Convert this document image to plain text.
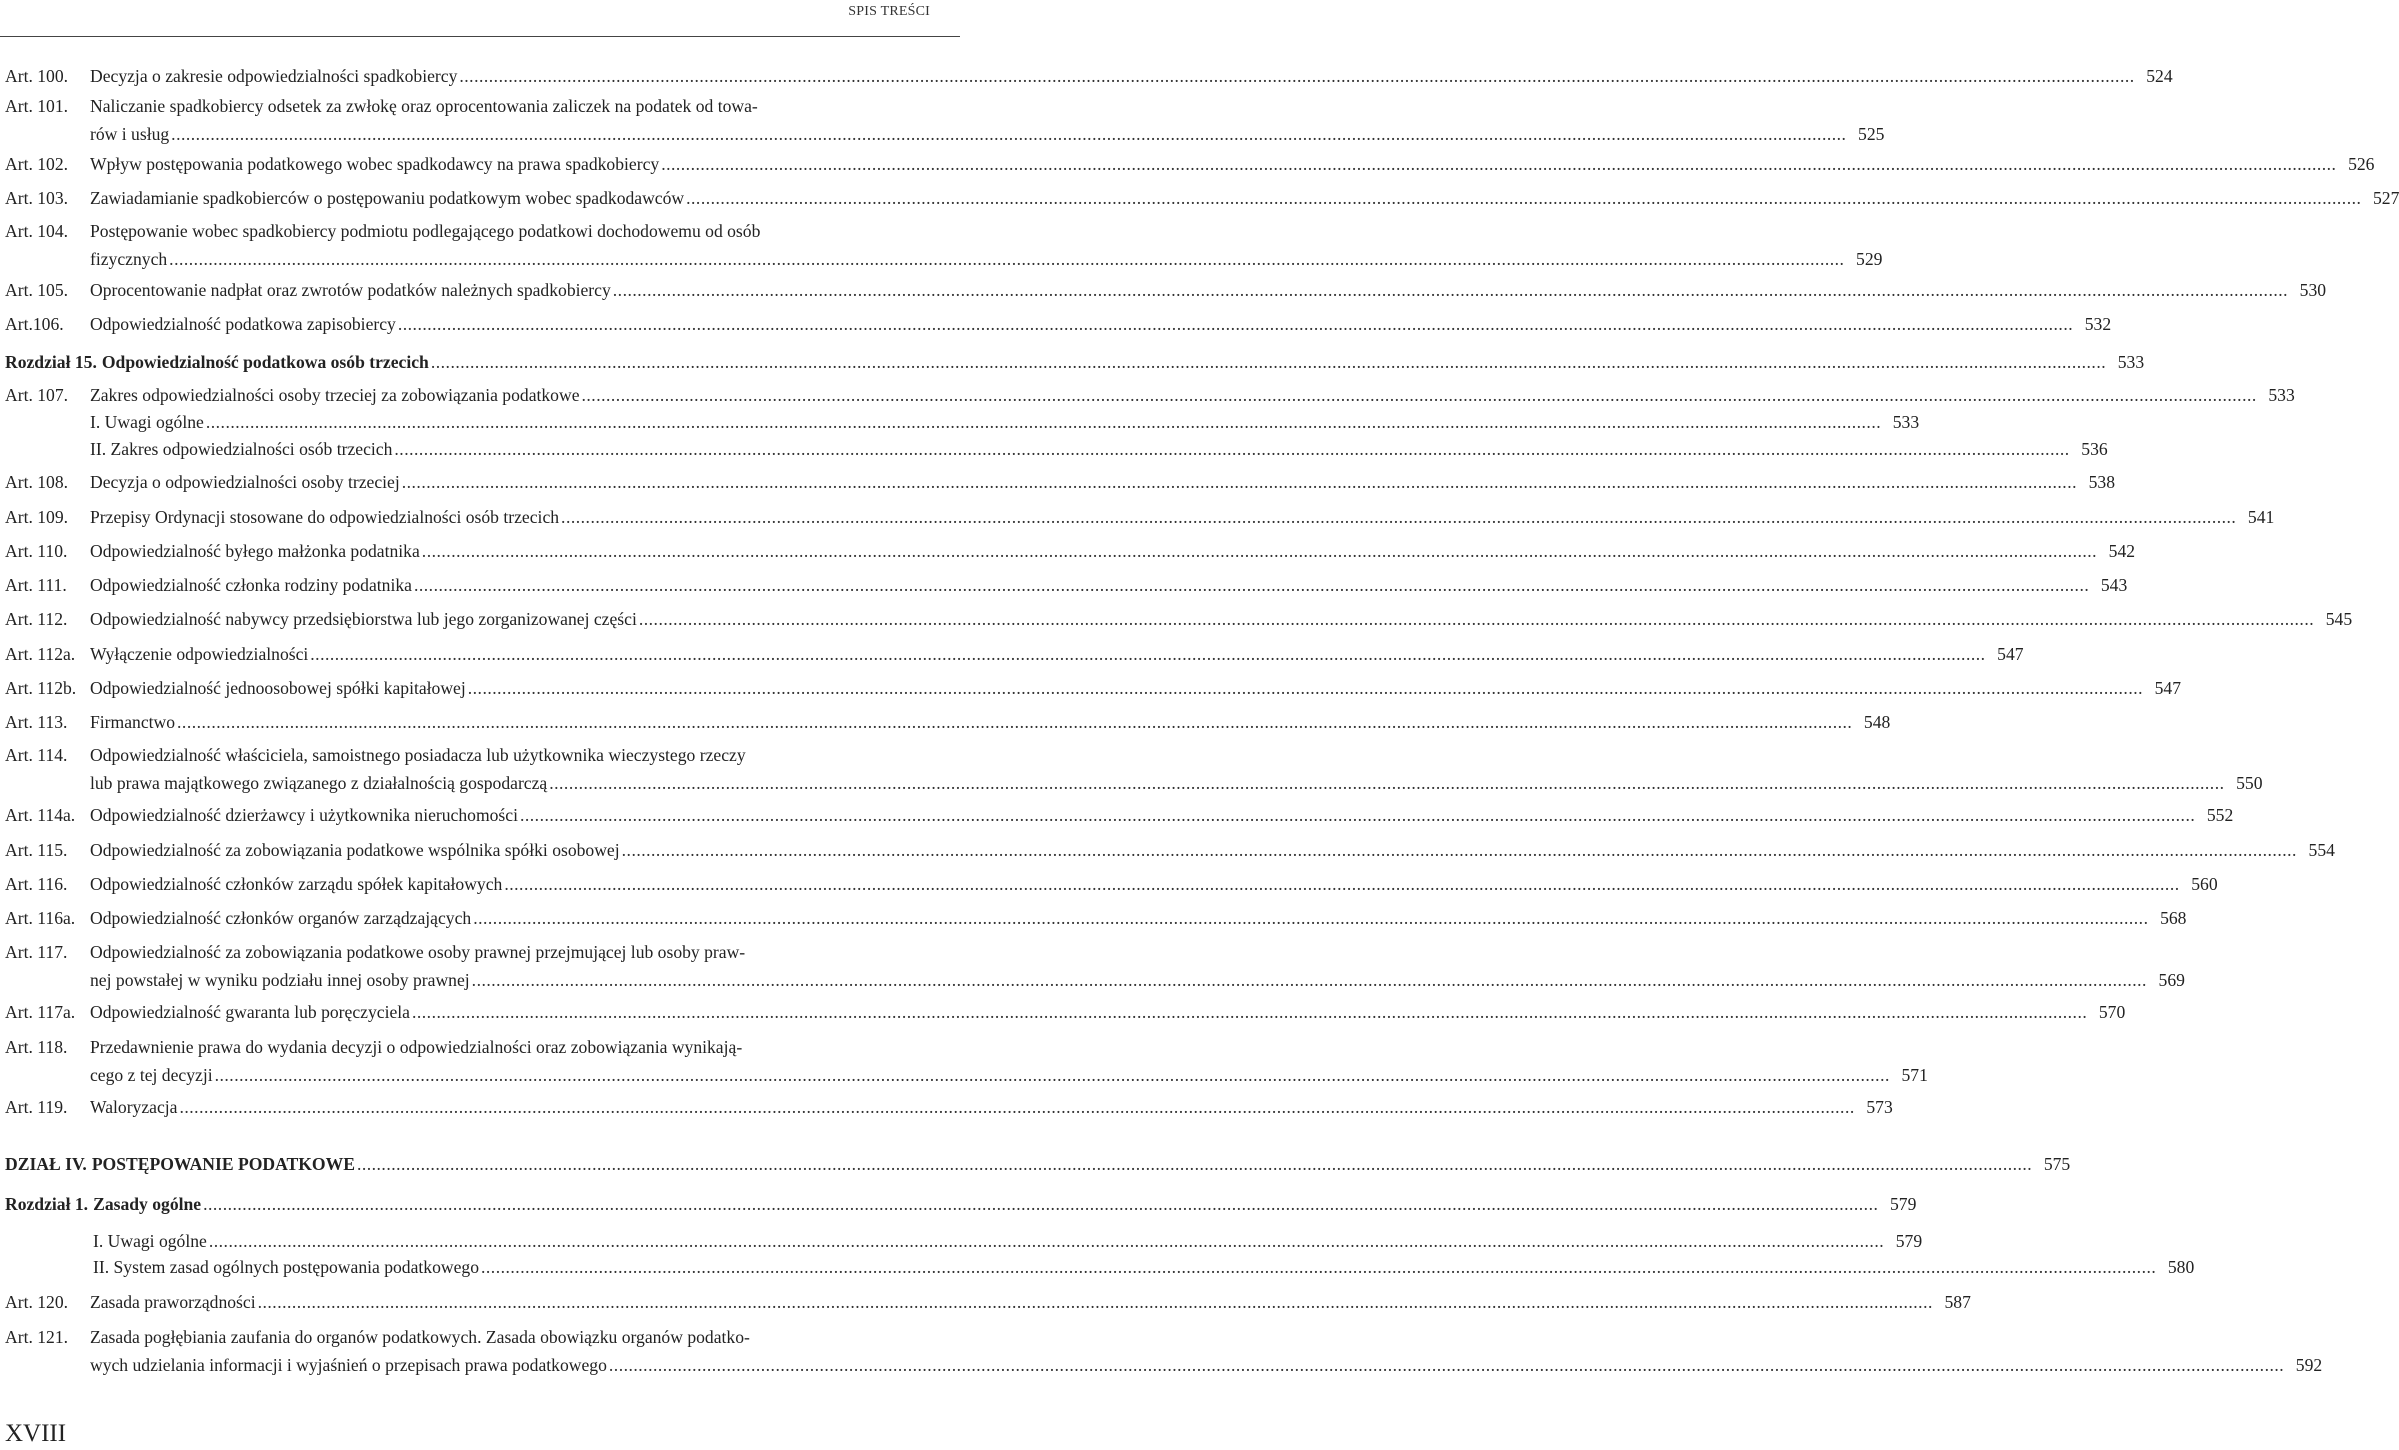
SPIS TREŚCI
Art. 100.	Decyzja o zakresie odpowiedzialności spadkobiercy .....	524
Art. 101.	Naliczanie spadkobiercy odsetek za zwłokę oraz oprocentowania zaliczek na podatek od towa-
rów i usług .....	525
Art. 102.	Wpływ postępowania podatkowego wobec spadkodawcy na prawa spadkobiercy .....	526
Art. 103.	Zawiadamianie spadkobierców o postępowaniu podatkowym wobec spadkodawców .....	527
Art. 104.	Postępowanie wobec spadkobiercy podmiotu podlegającego podatkowi dochodowemu od osób
fizycznych .....	529
Art. 105.	Oprocentowanie nadpłat oraz zwrotów podatków należnych spadkobiercy .....	530
Art.106.	Odpowiedzialność podatkowa zapisobiercy .....	532
Rozdział 15. Odpowiedzialność podatkowa osób trzecich .....	533
Art. 107.	Zakres odpowiedzialności osoby trzeciej za zobowiązania podatkowe .....	533
I. Uwagi ogólne .....	533
II. Zakres odpowiedzialności osób trzecich .....	536
Art. 108.	Decyzja o odpowiedzialności osoby trzeciej .....	538
Art. 109.	Przepisy Ordynacji stosowane do odpowiedzialności osób trzecich .....	541
Art. 110.	Odpowiedzialność byłego małżonka podatnika .....	542
Art. 111.	Odpowiedzialność członka rodziny podatnika .....	543
Art. 112.	Odpowiedzialność nabywcy przedsiębiorstwa lub jego zorganizowanej części .....	545
Art. 112a. Wyłączenie odpowiedzialności .....	547
Art. 112b. Odpowiedzialność jednoosobowej spółki kapitałowej .....	547
Art. 113.	Firmanctwo .....	548
Art. 114.	Odpowiedzialność właściciela, samoistnego posiadacza lub użytkownika wieczystego rzeczy
lub prawa majątkowego związanego z działalnością gospodarczą .....	550
Art. 114a. Odpowiedzialność dzierżawcy i użytkownika nieruchomości .....	552
Art. 115.	Odpowiedzialność za zobowiązania podatkowe wspólnika spółki osobowej .....	554
Art. 116.	Odpowiedzialność członków zarządu spółek kapitałowych .....	560
Art. 116a. Odpowiedzialność członków organów zarządzających .....	568
Art. 117.	Odpowiedzialność za zobowiązania podatkowe osoby prawnej przejmującej lub osoby praw-
nej powstałej w wyniku podziału innej osoby prawnej .....	569
Art. 117a. Odpowiedzialność gwaranta lub poręczyciela .....	570
Art. 118.	Przedawnienie prawa do wydania decyzji o odpowiedzialności oraz zobowiązania wynikają-
cego z tej decyzji .....	571
Art. 119.	Waloryzacja .....	573
DZIAŁ IV. POSTĘPOWANIE PODATKOWE .....	575
Rozdział 1. Zasady ogólne .....	579
I. Uwagi ogólne .....	579
II. System zasad ogólnych postępowania podatkowego .....	580
Art. 120.	Zasada praworządności .....	587
Art. 121.	Zasada pogłębiania zaufania do organów podatkowych. Zasada obowiązku organów podatko-
wych udzielania informacji i wyjaśnień o przepisach prawa podatkowego .....	592
XVIII
